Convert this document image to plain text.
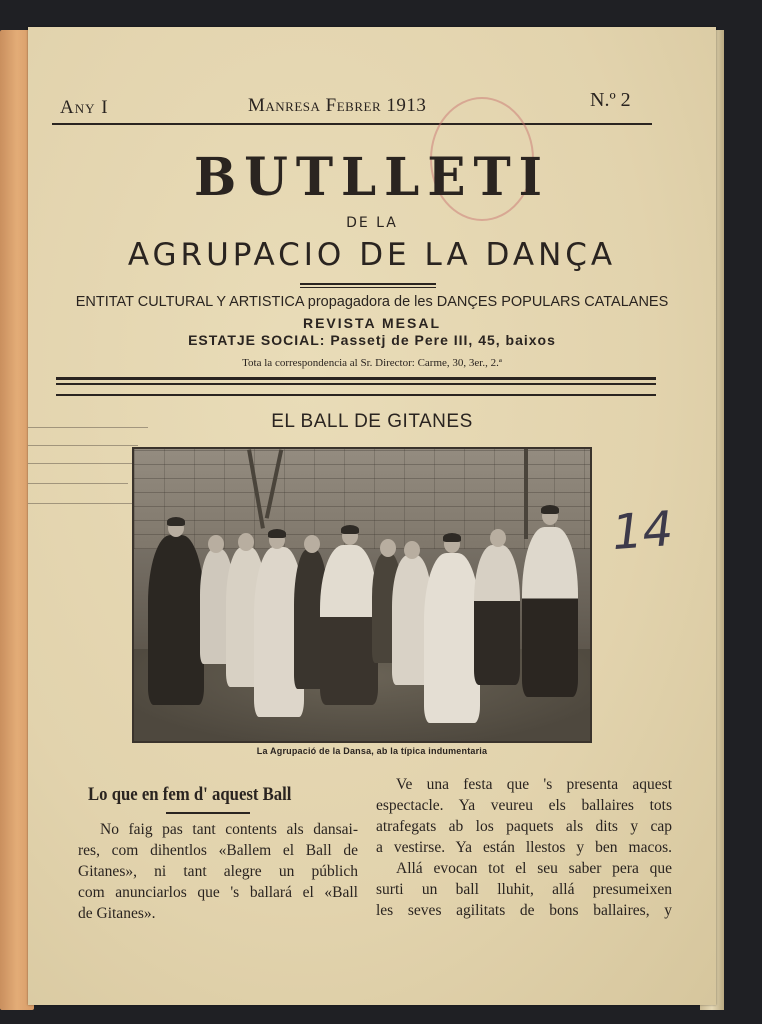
Any I	Manresa Febrer 1913	N.º 2
BUTLLETI
DE LA
AGRUPACIO DE LA DANÇA
ENTITAT CULTURAL Y ARTISTICA propagadora de les DANÇES POPULARS CATALANES
REVISTA MESAL
ESTATJE SOCIAL: Passetj de Pere III, 45, baixos
Tota la correspondencia al Sr. Director: Carme, 30, 3er., 2.ª
EL BALL DE GITANES
La Agrupació de la Dansa, ab la típica indumentaria
Lo que en fem d' aquest Ball
No faig pas tant contents als dansai-
res, com dihentlos «Ballem el Ball de
Gitanes», ni tant alegre un públich
com anunciarlos que 's ballará el «Ball
de Gitanes».
Ve una festa que 's presenta aquest
espectacle. Ya veureu els ballaires tots
atrafegats ab los paquets als dits y cap
a vestirse. Ya están llestos y ben macos.
Allá evocan tot el seu saber pera que
surti un ball lluhit, allá presumeixen
les seves agilitats de bons ballaires, y
14
